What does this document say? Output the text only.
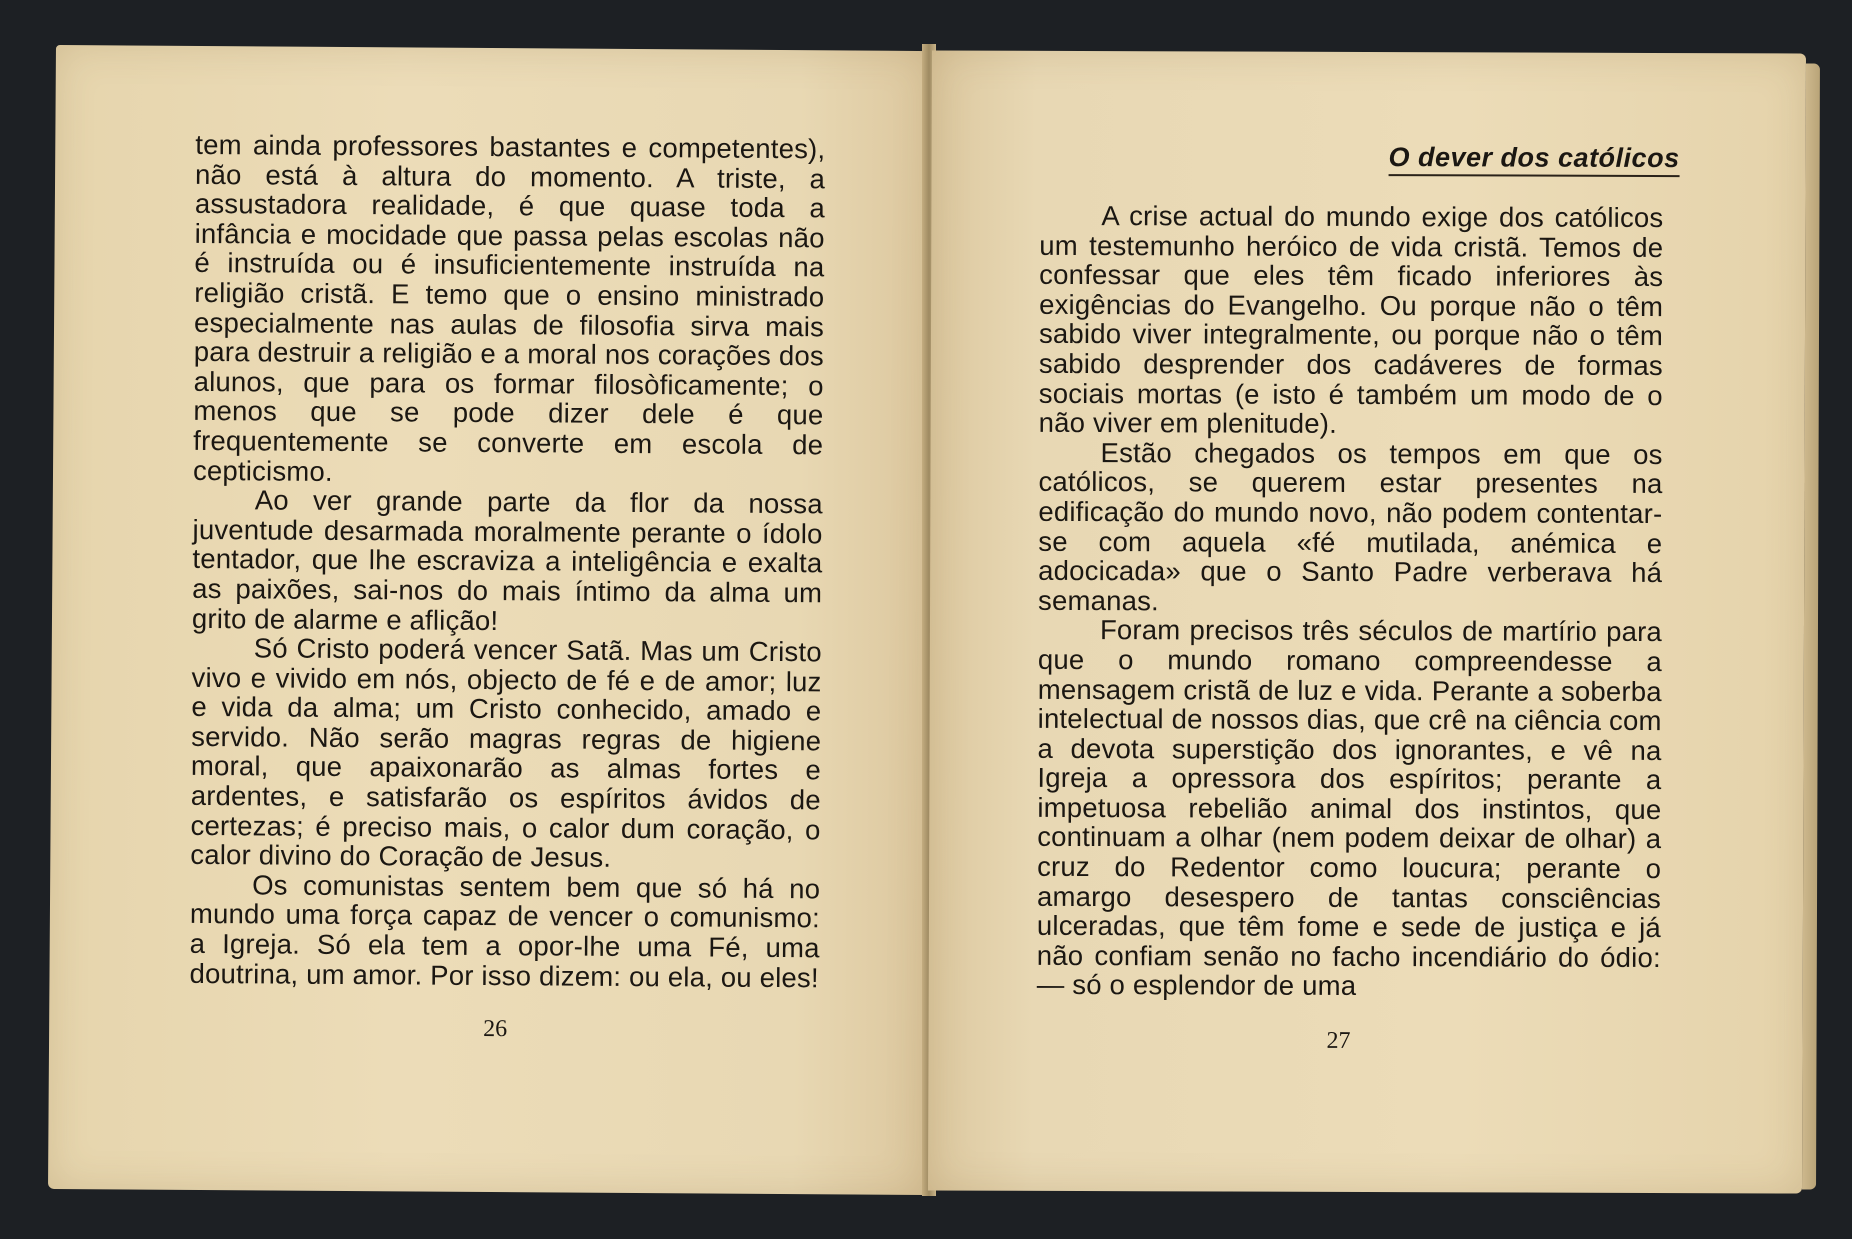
tem ainda professores bastantes e competentes), não está à altura do momento. A triste, a assustadora realidade, é que quase toda a infância e mocidade que passa pelas escolas não é instruída ou é insuficientemente instruída na religião cristã. E temo que o ensino ministrado especialmente nas aulas de filosofia sirva mais para destruir a religião e a moral nos corações dos alunos, que para os formar filosòficamente; o menos que se pode dizer dele é que frequentemente se converte em escola de cepticismo.

Ao ver grande parte da flor da nossa juventude desarmada moralmente perante o ídolo tentador, que lhe escraviza a inteligência e exalta as paixões, sai-nos do mais íntimo da alma um grito de alarme e aflição!

Só Cristo poderá vencer Satã. Mas um Cristo vivo e vivido em nós, objecto de fé e de amor; luz e vida da alma; um Cristo conhecido, amado e servido. Não serão magras regras de higiene moral, que apaixonarão as almas fortes e ardentes, e satisfarão os espíritos ávidos de certezas; é preciso mais, o calor dum coração, o calor divino do Coração de Jesus.

Os comunistas sentem bem que só há no mundo uma força capaz de vencer o comunismo: a Igreja. Só ela tem a opor-lhe uma Fé, uma doutrina, um amor. Por isso dizem: ou ela, ou eles!

26
O dever dos católicos

A crise actual do mundo exige dos católicos um testemunho heróico de vida cristã. Temos de confessar que eles têm ficado inferiores às exigências do Evangelho. Ou porque não o têm sabido viver integralmente, ou porque não o têm sabido desprender dos cadáveres de formas sociais mortas (e isto é também um modo de o não viver em plenitude).

Estão chegados os tempos em que os católicos, se querem estar presentes na edificação do mundo novo, não podem contentar-se com aquela «fé mutilada, anémica e adocicada» que o Santo Padre verberava há semanas.

Foram precisos três séculos de martírio para que o mundo romano compreendesse a mensagem cristã de luz e vida. Perante a soberba intelectual de nossos dias, que crê na ciência com a devota superstição dos ignorantes, e vê na Igreja a opressora dos espíritos; perante a impetuosa rebelião animal dos instintos, que continuam a olhar (nem podem deixar de olhar) a cruz do Redentor como loucura; perante o amargo desespero de tantas consciências ulceradas, que têm fome e sede de justiça e já não confiam senão no facho incendiário do ódio: — só o esplendor de uma

27
